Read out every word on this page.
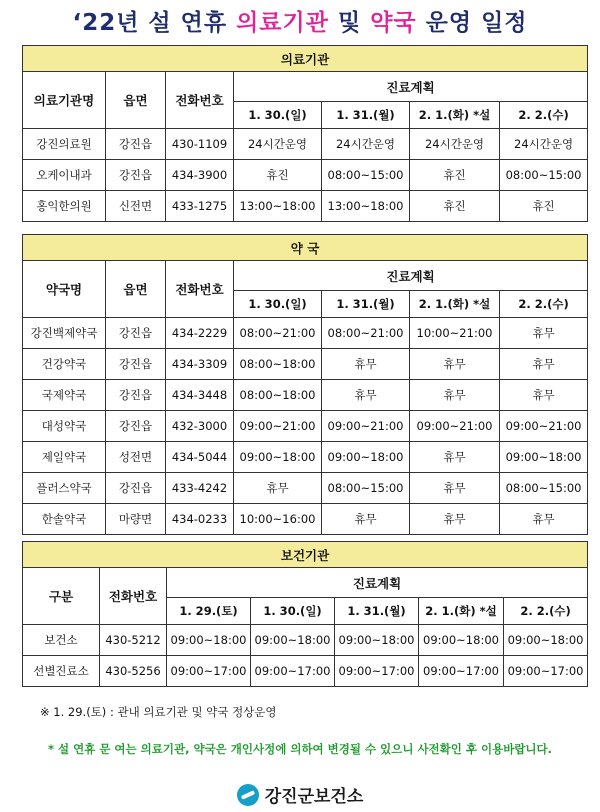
‘22년 설 연휴 의료기관 및 약국 운영 일정
의료기관						
의료기관명	읍면	전화번호	진료계획			
			1. 30.(일)	1. 31.(월)	2. 1.(화) *설	2. 2.(수)
강진의료원	강진읍	430-1109	24시간운영	24시간운영	24시간운영	24시간운영
오케이내과	강진읍	434-3900	휴진	08:00~15:00	휴진	08:00~15:00
홍익한의원	신전면	433-1275	13:00~18:00	13:00~18:00	휴진	휴진
약 국						
약국명	읍면	전화번호	진료계획			
			1. 30.(일)	1. 31.(월)	2. 1.(화) *설	2. 2.(수)
강진백제약국	강진읍	434-2229	08:00~21:00	08:00~21:00	10:00~21:00	휴무
건강약국	강진읍	434-3309	08:00~18:00	휴무	휴무	휴무
국제약국	강진읍	434-3448	08:00~18:00	휴무	휴무	휴무
대성약국	강진읍	432-3000	09:00~21:00	09:00~21:00	09:00~21:00	09:00~21:00
제일약국	성전면	434-5044	09:00~18:00	09:00~18:00	휴무	09:00~18:00
플러스약국	강진읍	433-4242	휴무	08:00~15:00	휴무	08:00~15:00
한솔약국	마량면	434-0233	10:00~16:00	휴무	휴무	휴무
보건기관						
구분	전화번호	진료계획				
		1. 29.(토)	1. 30.(일)	1. 31.(월)	2. 1.(화) *설	2. 2.(수)
보건소	430-5212	09:00~18:00	09:00~18:00	09:00~18:00	09:00~18:00	09:00~18:00
선별진료소	430-5256	09:00~17:00	09:00~17:00	09:00~17:00	09:00~17:00	09:00~17:00
※ 1. 29.(토) : 관내 의료기관 및 약국 정상운영
* 설 연휴 문 여는 의료기관, 약국은 개인사정에 의하여 변경될 수 있으니 사전확인 후 이용바랍니다.
강진군보건소
